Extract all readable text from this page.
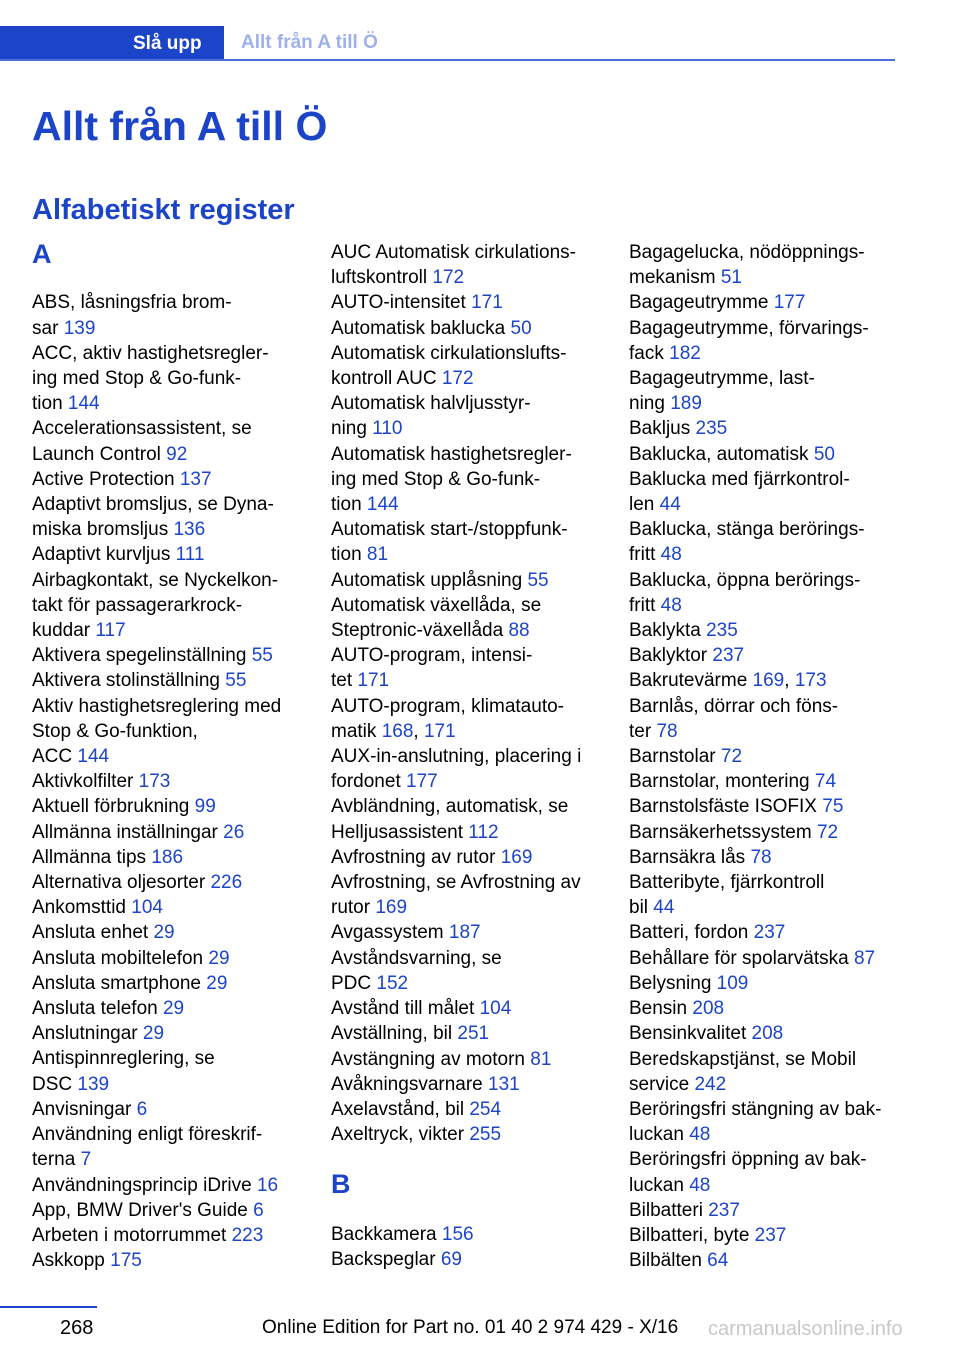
Slå upp	Allt från A till Ö
Allt från A till Ö
Alfabetiskt register
A

ABS, låsningsfria brom-

sar 139

ACC, aktiv hastighetsregler-

ing med Stop & Go-funk-

tion 144

Accelerationsassistent, se

Launch Control 92

Active Protection 137

Adaptivt bromsljus, se Dyna-

miska bromsljus 136

Adaptivt kurvljus 111

Airbagkontakt, se Nyckelkon-

takt för passagerarkrock-

kuddar 117

Aktivera spegelinställning 55

Aktivera stolinställning 55

Aktiv hastighetsreglering med

Stop & Go-funktion,

ACC 144

Aktivkolfilter 173

Aktuell förbrukning 99

Allmänna inställningar 26

Allmänna tips 186

Alternativa oljesorter 226

Ankomsttid 104

Ansluta enhet 29

Ansluta mobiltelefon 29

Ansluta smartphone 29

Ansluta telefon 29

Anslutningar 29

Antispinnreglering, se

DSC 139

Anvisningar 6

Användning enligt föreskrif-

terna 7

Användningsprincip iDrive 16

App, BMW Driver's Guide 6

Arbeten i motorrummet 223

Askkopp 175

AUC Automatisk cirkulations-

luftskontroll 172

AUTO-intensitet 171

Automatisk baklucka 50

Automatisk cirkulationslufts-

kontroll AUC 172

Automatisk halvljusstyr-

ning 110

Automatisk hastighetsregler-

ing med Stop & Go-funk-

tion 144

Automatisk start-/stoppfunk-

tion 81

Automatisk upplåsning 55

Automatisk växellåda, se

Steptronic-växellåda 88

AUTO-program, intensi-

tet 171

AUTO-program, klimatauto-

matik 168, 171

AUX-in-anslutning, placering i

fordonet 177

Avbländning, automatisk, se

Helljusassistent 112

Avfrostning av rutor 169

Avfrostning, se Avfrostning av

rutor 169

Avgassystem 187

Avståndsvarning, se

PDC 152

Avstånd till målet 104

Avställning, bil 251

Avstängning av motorn 81

Avåkningsvarnare 131

Axelavstånd, bil 254

Axeltryck, vikter 255

B

Backkamera 156

Backspeglar 69

Bagagelucka, nödöppnings-

mekanism 51

Bagageutrymme 177

Bagageutrymme, förvarings-

fack 182

Bagageutrymme, last-

ning 189

Bakljus 235

Baklucka, automatisk 50

Baklucka med fjärrkontrol-

len 44

Baklucka, stänga berörings-

fritt 48

Baklucka, öppna berörings-

fritt 48

Baklykta 235

Baklyktor 237

Bakrutevärme 169, 173

Barnlås, dörrar och föns-

ter 78

Barnstolar 72

Barnstolar, montering 74

Barnstolsfäste ISOFIX 75

Barnsäkerhetssystem 72

Barnsäkra lås 78

Batteribyte, fjärrkontroll

bil 44

Batteri, fordon 237

Behållare för spolarvätska 87

Belysning 109

Bensin 208

Bensinkvalitet 208

Beredskapstjänst, se Mobil

service 242

Beröringsfri stängning av bak-

luckan 48

Beröringsfri öppning av bak-

luckan 48

Bilbatteri 237

Bilbatteri, byte 237

Bilbälten 64

268	Online Edition for Part no. 01 40 2 974 429 - X/16 carmanualsonline.info
